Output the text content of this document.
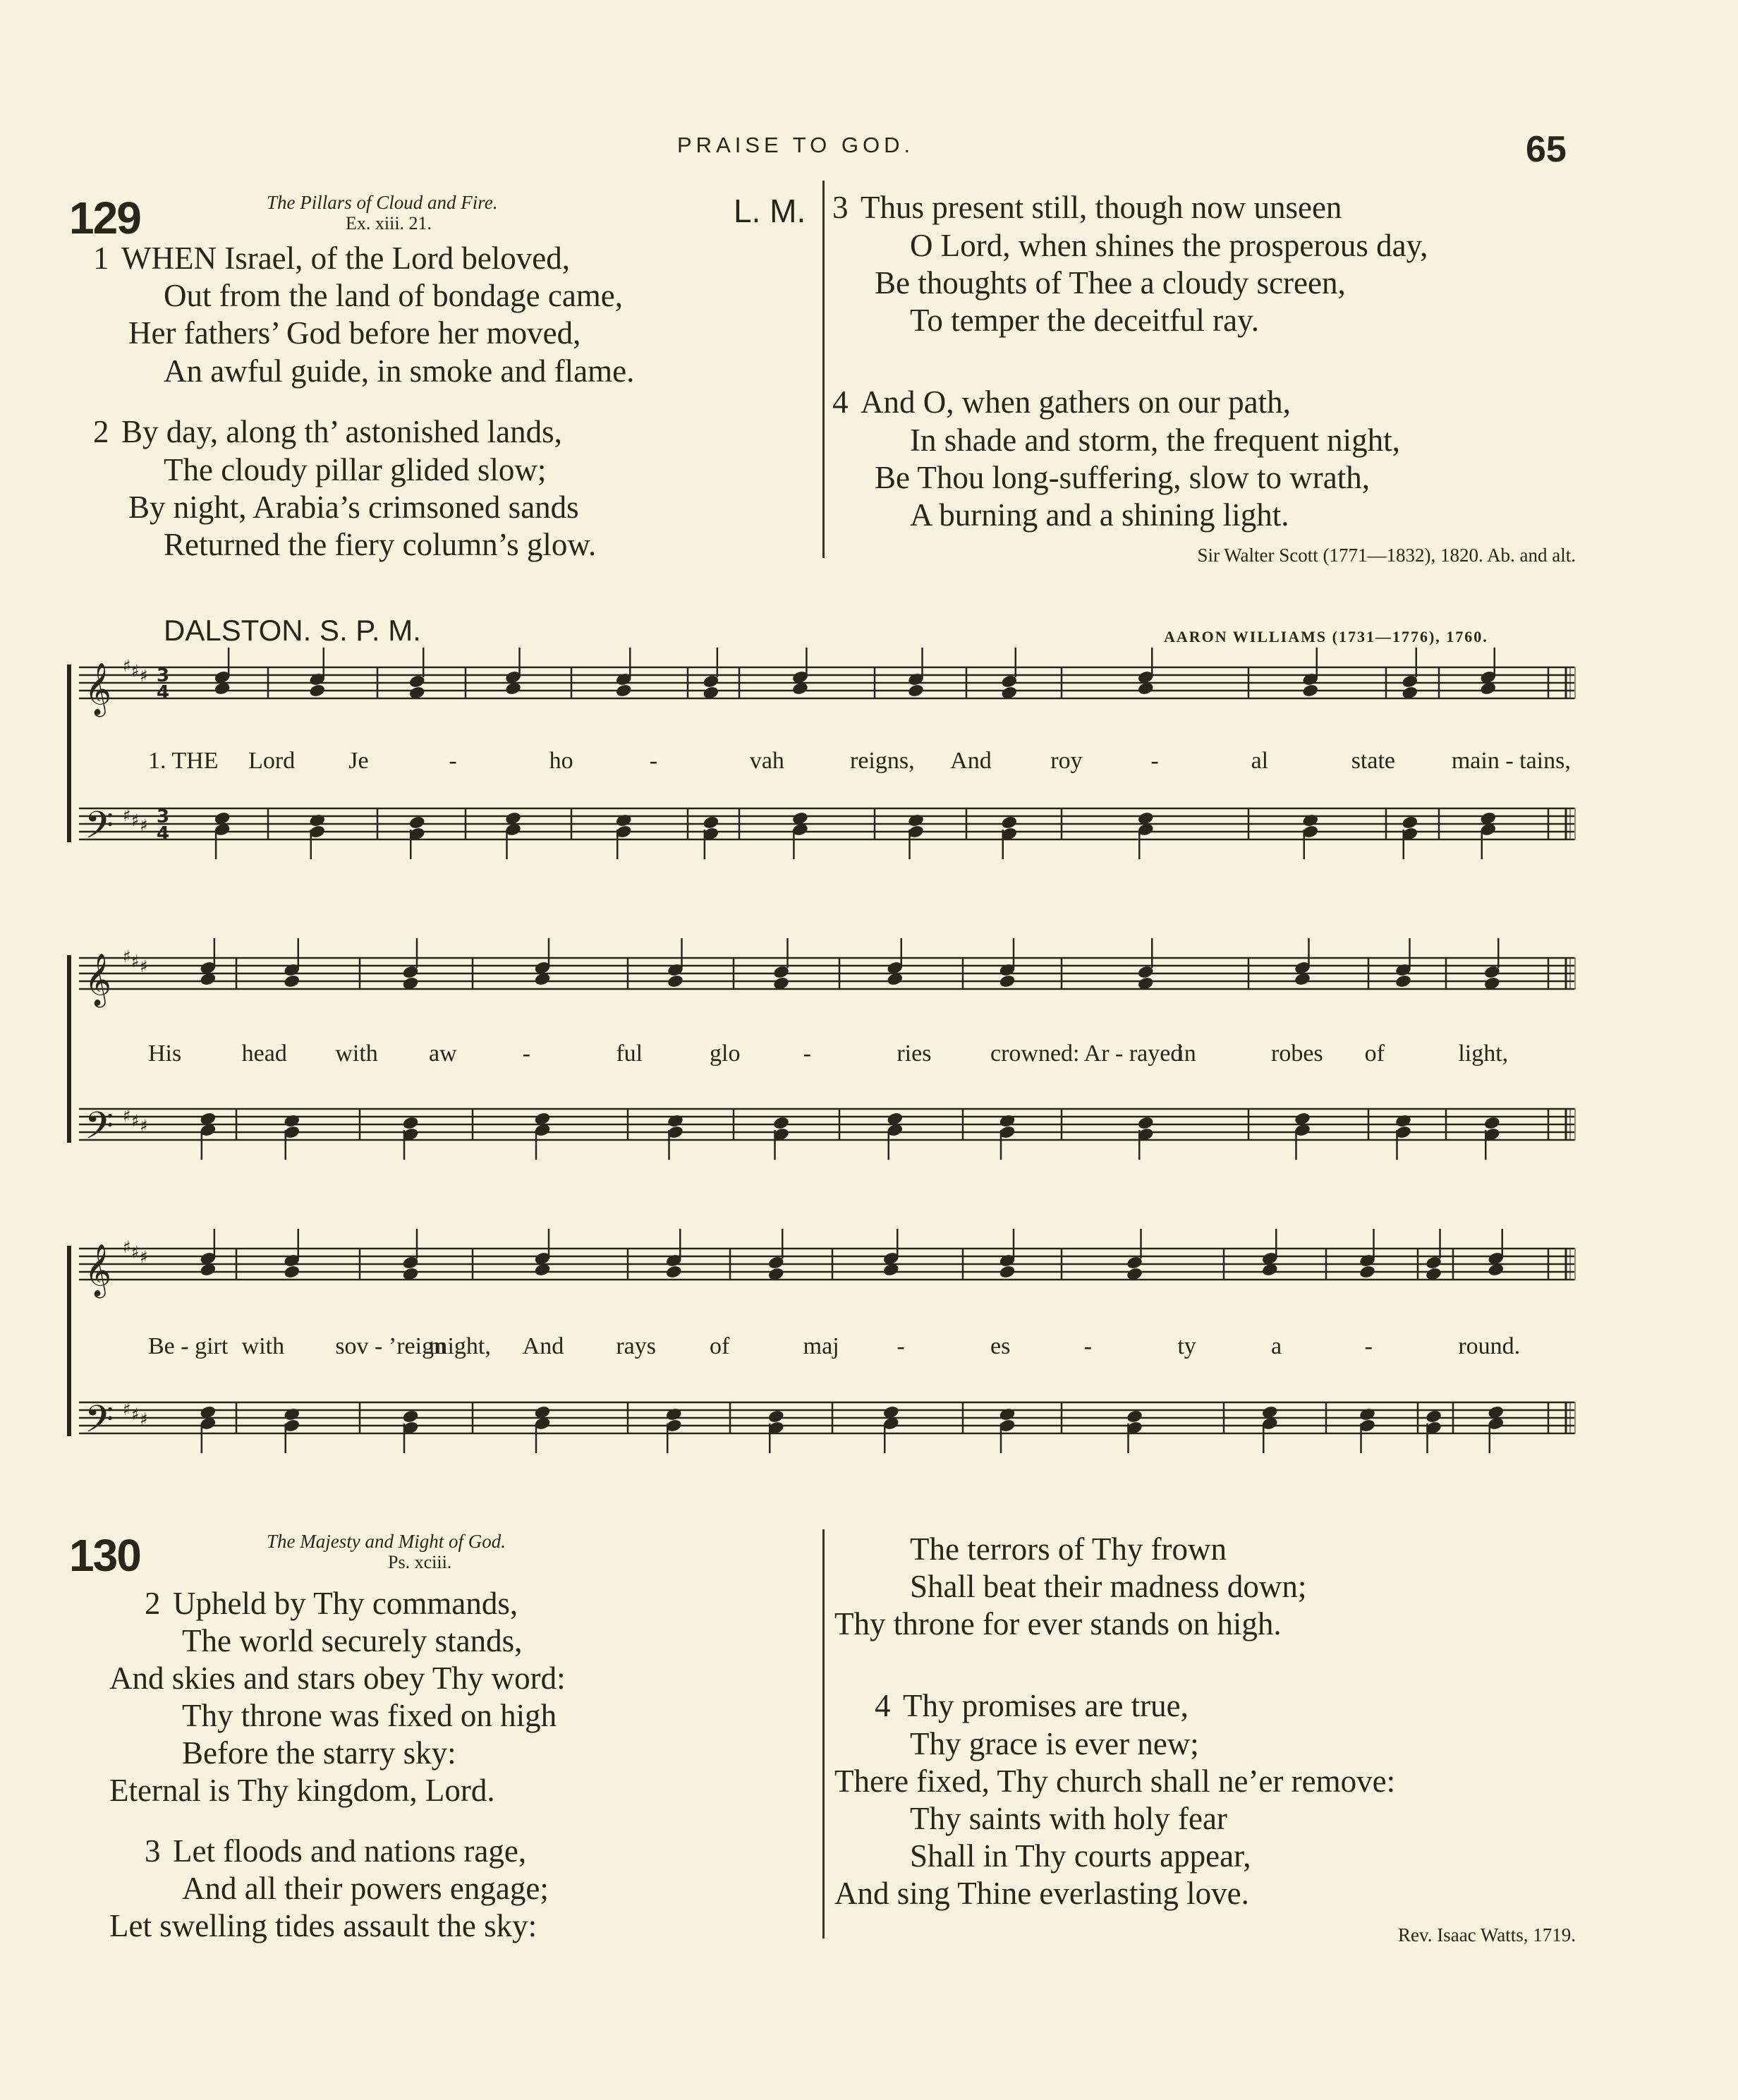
PRAISE TO GOD.	65
129	The Pillars of Cloud and Fire.
Ex. xiii. 21.	L. M.
1 WHEN Israel, of the Lord beloved,
Out from the land of bondage came,
Her fathers’ God before her moved,
An awful guide, in smoke and flame.
2 By day, along th’ astonished lands,
The cloudy pillar glided slow;
By night, Arabia’s crimsoned sands
Returned the fiery column’s glow.
3 Thus present still, though now unseen
O Lord, when shines the prosperous day,
Be thoughts of Thee a cloudy screen,
To temper the deceitful ray.
4 And O, when gathers on our path,
In shade and storm, the frequent night,
Be Thou long-suffering, slow to wrath,
A burning and a shining light.
Sir Walter Scott (1771—1832), 1820. Ab. and alt.
DALSTON. S. P. M.	AARON WILLIAMS (1731—1776), 1760.
𝄞 ♯ ♯ ♯ 3
4
𝄢 ♯ ♯ ♯ 3
4
𝄞 ♯ ♯ ♯
𝄢 ♯ ♯ ♯
𝄞 ♯ ♯ ♯
𝄢 ♯ ♯ ♯
1. THE Lord Je	-	ho	-	vah	reigns, And roy	-	al	state main - tains,
His	head with aw	-	ful	glo	-	ries crowned: Ar - rayed
in	robes of	light,
Be - girt with sov - ’reign
might, And rays of	maj -	es	-	ty	a	-	round.
130	The Majesty and Might of God.
Ps. xciii.
2 Upheld by Thy commands,
The world securely stands,
And skies and stars obey Thy word:
Thy throne was fixed on high
Before the starry sky:
Eternal is Thy kingdom, Lord.
3 Let floods and nations rage,
And all their powers engage;
Let swelling tides assault the sky:
The terrors of Thy frown
Shall beat their madness down;
Thy throne for ever stands on high.
4 Thy promises are true,
Thy grace is ever new;
There fixed, Thy church shall ne’er remove:
Thy saints with holy fear
Shall in Thy courts appear,
And sing Thine everlasting love.
Rev. Isaac Watts, 1719.
